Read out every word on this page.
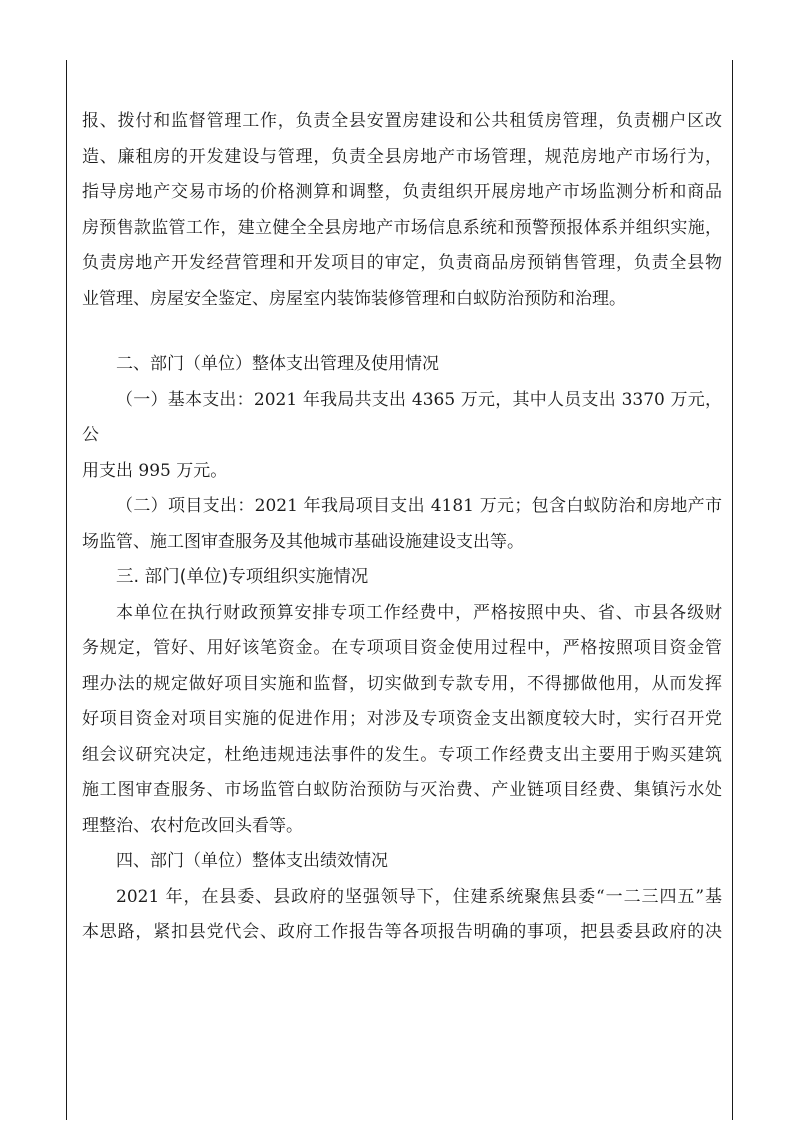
报、拨付和监督管理工作，负责全县安置房建设和公共租赁房管理，负责棚户区改

造、廉租房的开发建设与管理，负责全县房地产市场管理，规范房地产市场行为，

指导房地产交易市场的价格测算和调整，负责组织开展房地产市场监测分析和商品

房预售款监管工作，建立健全全县房地产市场信息系统和预警预报体系并组织实施，

负责房地产开发经营管理和开发项目的审定，负责商品房预销售管理，负责全县物

业管理、房屋安全鉴定、房屋室内装饰装修管理和白蚁防治预防和治理。

二、部门（单位）整体支出管理及使用情况

（一）基本支出：2021 年我局共支出 4365 万元，其中人员支出 3370 万元，公

用支出 995 万元。

（二）项目支出：2021 年我局项目支出 4181 万元；包含白蚁防治和房地产市

场监管、施工图审查服务及其他城市基础设施建设支出等。

三. 部门(单位)专项组织实施情况

本单位在执行财政预算安排专项工作经费中，严格按照中央、省、市县各级财

务规定，管好、用好该笔资金。在专项项目资金使用过程中，严格按照项目资金管

理办法的规定做好项目实施和监督，切实做到专款专用，不得挪做他用，从而发挥

好项目资金对项目实施的促进作用；对涉及专项资金支出额度较大时，实行召开党

组会议研究决定，杜绝违规违法事件的发生。专项工作经费支出主要用于购买建筑

施工图审查服务、市场监管白蚁防治预防与灭治费、产业链项目经费、集镇污水处

理整治、农村危改回头看等。

四、部门（单位）整体支出绩效情况

2021 年，在县委、县政府的坚强领导下，住建系统聚焦县委“一二三四五”基

本思路，紧扣县党代会、政府工作报告等各项报告明确的事项，把县委县政府的决
